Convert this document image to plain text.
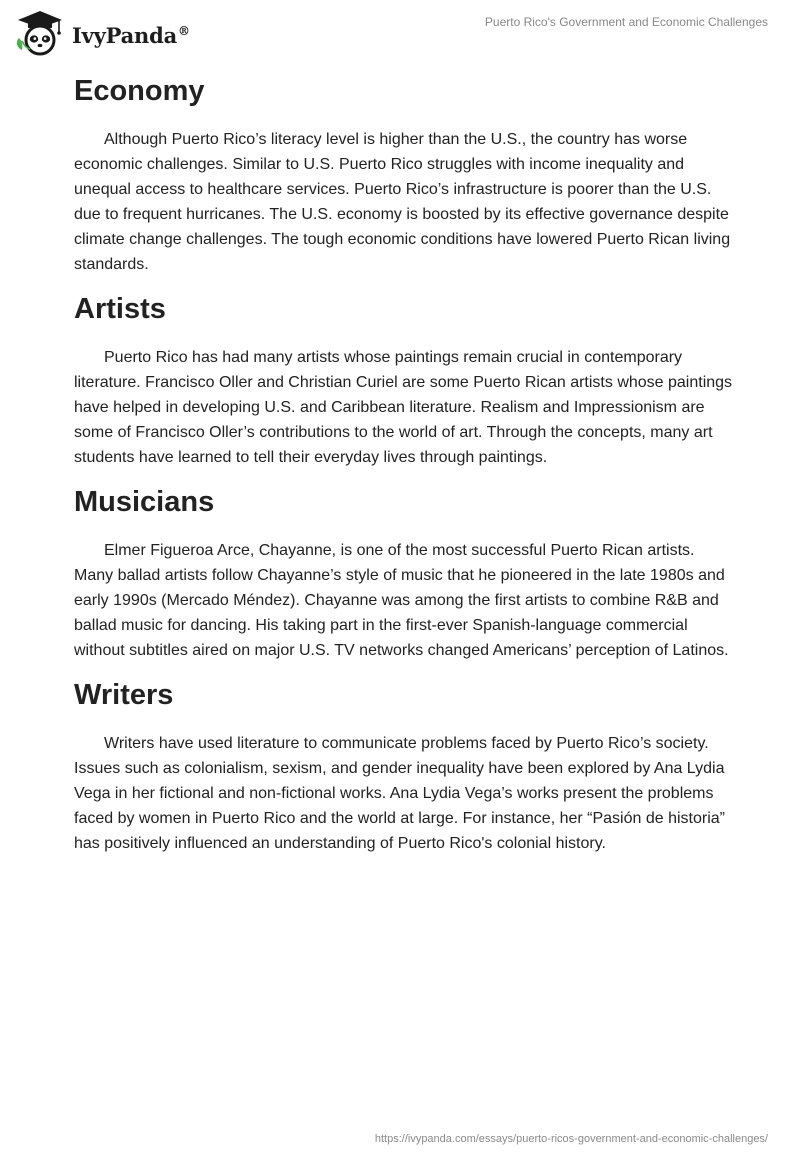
IvyPanda®
Puerto Rico's Government and Economic Challenges
Economy

Although Puerto Rico’s literacy level is higher than the U.S., the country has worse economic challenges. Similar to U.S. Puerto Rico struggles with income inequality and unequal access to healthcare services. Puerto Rico’s infrastructure is poorer than the U.S. due to frequent hurricanes. The U.S. economy is boosted by its effective governance despite climate change challenges. The tough economic conditions have lowered Puerto Rican living standards.

Artists

Puerto Rico has had many artists whose paintings remain crucial in contemporary literature. Francisco Oller and Christian Curiel are some Puerto Rican artists whose paintings have helped in developing U.S. and Caribbean literature. Realism and Impressionism are some of Francisco Oller’s contributions to the world of art. Through the concepts, many art students have learned to tell their everyday lives through paintings.

Musicians

Elmer Figueroa Arce, Chayanne, is one of the most successful Puerto Rican artists. Many ballad artists follow Chayanne’s style of music that he pioneered in the late 1980s and early 1990s (Mercado Méndez). Chayanne was among the first artists to combine R&B and ballad music for dancing. His taking part in the first-ever Spanish-language commercial without subtitles aired on major U.S. TV networks changed Americans’ perception of Latinos.

Writers

Writers have used literature to communicate problems faced by Puerto Rico’s society. Issues such as colonialism, sexism, and gender inequality have been explored by Ana Lydia Vega in her fictional and non-fictional works. Ana Lydia Vega’s works present the problems faced by women in Puerto Rico and the world at large. For instance, her “Pasión de historia” has positively influenced an understanding of Puerto Rico's colonial history.

https://ivypanda.com/essays/puerto-ricos-government-and-economic-challenges/
